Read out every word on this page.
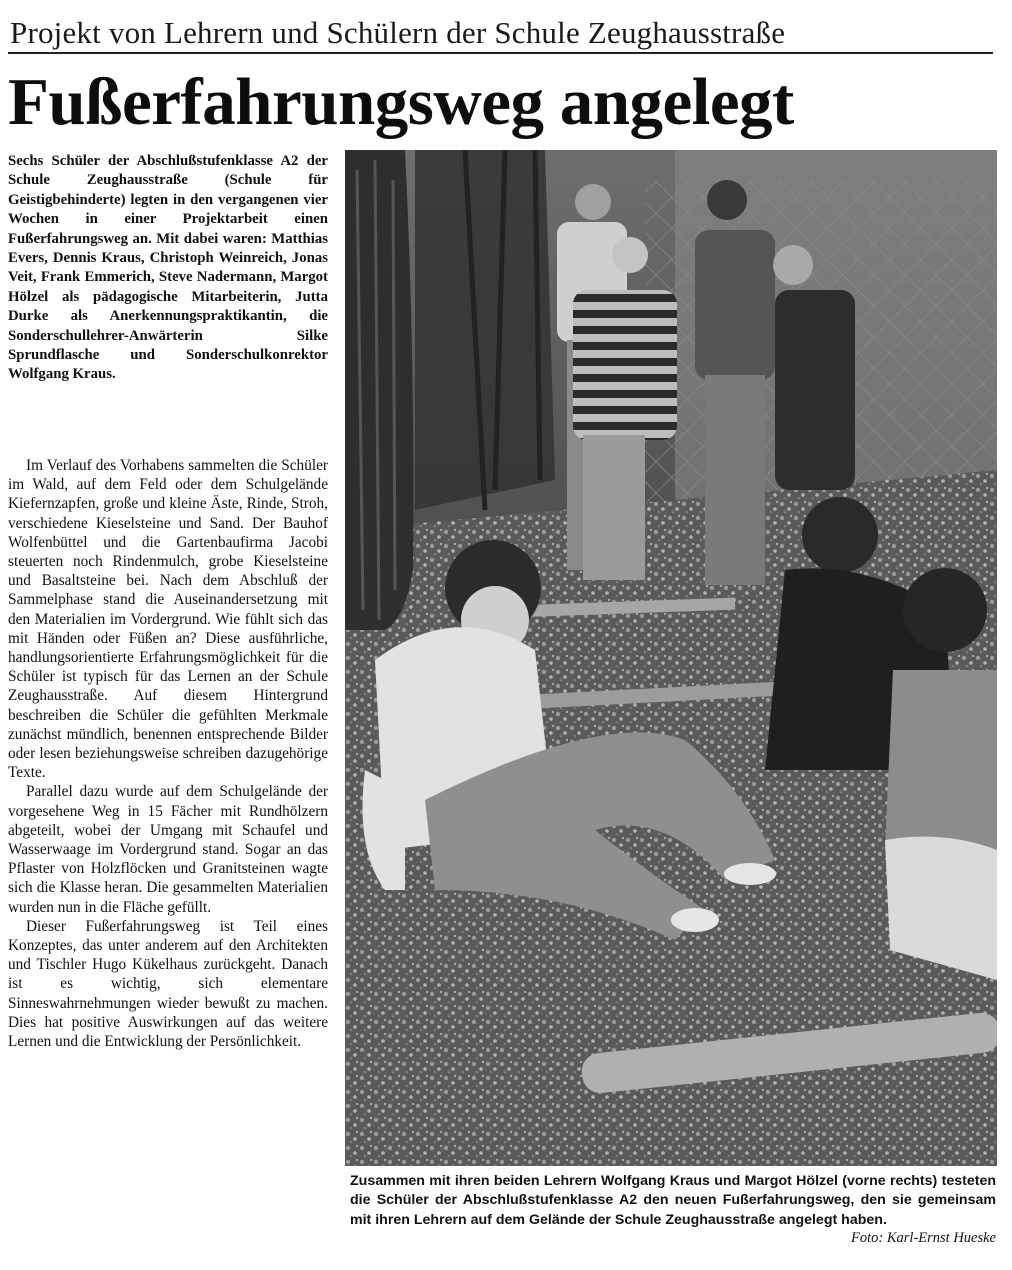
Projekt von Lehrern und Schülern der Schule Zeughausstraße
Fußerfahrungsweg angelegt
Sechs Schüler der Abschlußstufenklasse A2 der Schule Zeughausstraße (Schule für Geistigbehinderte) legten in den vergangenen vier Wochen in einer Projektarbeit einen Fußerfahrungsweg an. Mit dabei waren: Matthias Evers, Dennis Kraus, Christoph Weinreich, Jonas Veit, Frank Emmerich, Steve Nadermann, Margot Hölzel als pädagogische Mitarbeiterin, Jutta Durke als Anerkennungspraktikantin, die Sonderschullehrer-Anwärterin Silke Sprundflasche und Sonderschulkonrektor Wolfgang Kraus.

Im Verlauf des Vorhabens sammelten die Schüler im Wald, auf dem Feld oder dem Schulgelände Kiefernzapfen, große und kleine Äste, Rinde, Stroh, verschiedene Kieselsteine und Sand. Der Bauhof Wolfenbüttel und die Gartenbaufirma Jacobi steuerten noch Rindenmulch, grobe Kieselsteine und Basaltsteine bei. Nach dem Abschluß der Sammelphase stand die Auseinandersetzung mit den Materialien im Vordergrund. Wie fühlt sich das mit Händen oder Füßen an? Diese ausführliche, handlungsorientierte Erfahrungsmöglichkeit für die Schüler ist typisch für das Lernen an der Schule Zeughausstraße. Auf diesem Hintergrund beschreiben die Schüler die gefühlten Merkmale zunächst mündlich, benennen entsprechende Bilder oder lesen beziehungsweise schreiben dazugehörige Texte.

Parallel dazu wurde auf dem Schulgelände der vorgesehene Weg in 15 Fächer mit Rundhölzern abgeteilt, wobei der Umgang mit Schaufel und Wasserwaage im Vordergrund stand. Sogar an das Pflaster von Holzflöcken und Granitsteinen wagte sich die Klasse heran. Die gesammelten Materialien wurden nun in die Fläche gefüllt.

Dieser Fußerfahrungsweg ist Teil eines Konzeptes, das unter anderem auf den Architekten und Tischler Hugo Kükelhaus zurückgeht. Danach ist es wichtig, sich elementare Sinneswahrnehmungen wieder bewußt zu machen. Dies hat positive Auswirkungen auf das weitere Lernen und die Entwicklung der Persönlichkeit.

Zusammen mit ihren beiden Lehrern Wolfgang Kraus und Margot Hölzel (vorne rechts) testeten die Schüler der Abschlußstufenklasse A2 den neuen Fußerfahrungsweg, den sie gemeinsam mit ihren Lehrern auf dem Gelände der Schule Zeughausstraße angelegt haben.
Foto: Karl-Ernst Hueske
